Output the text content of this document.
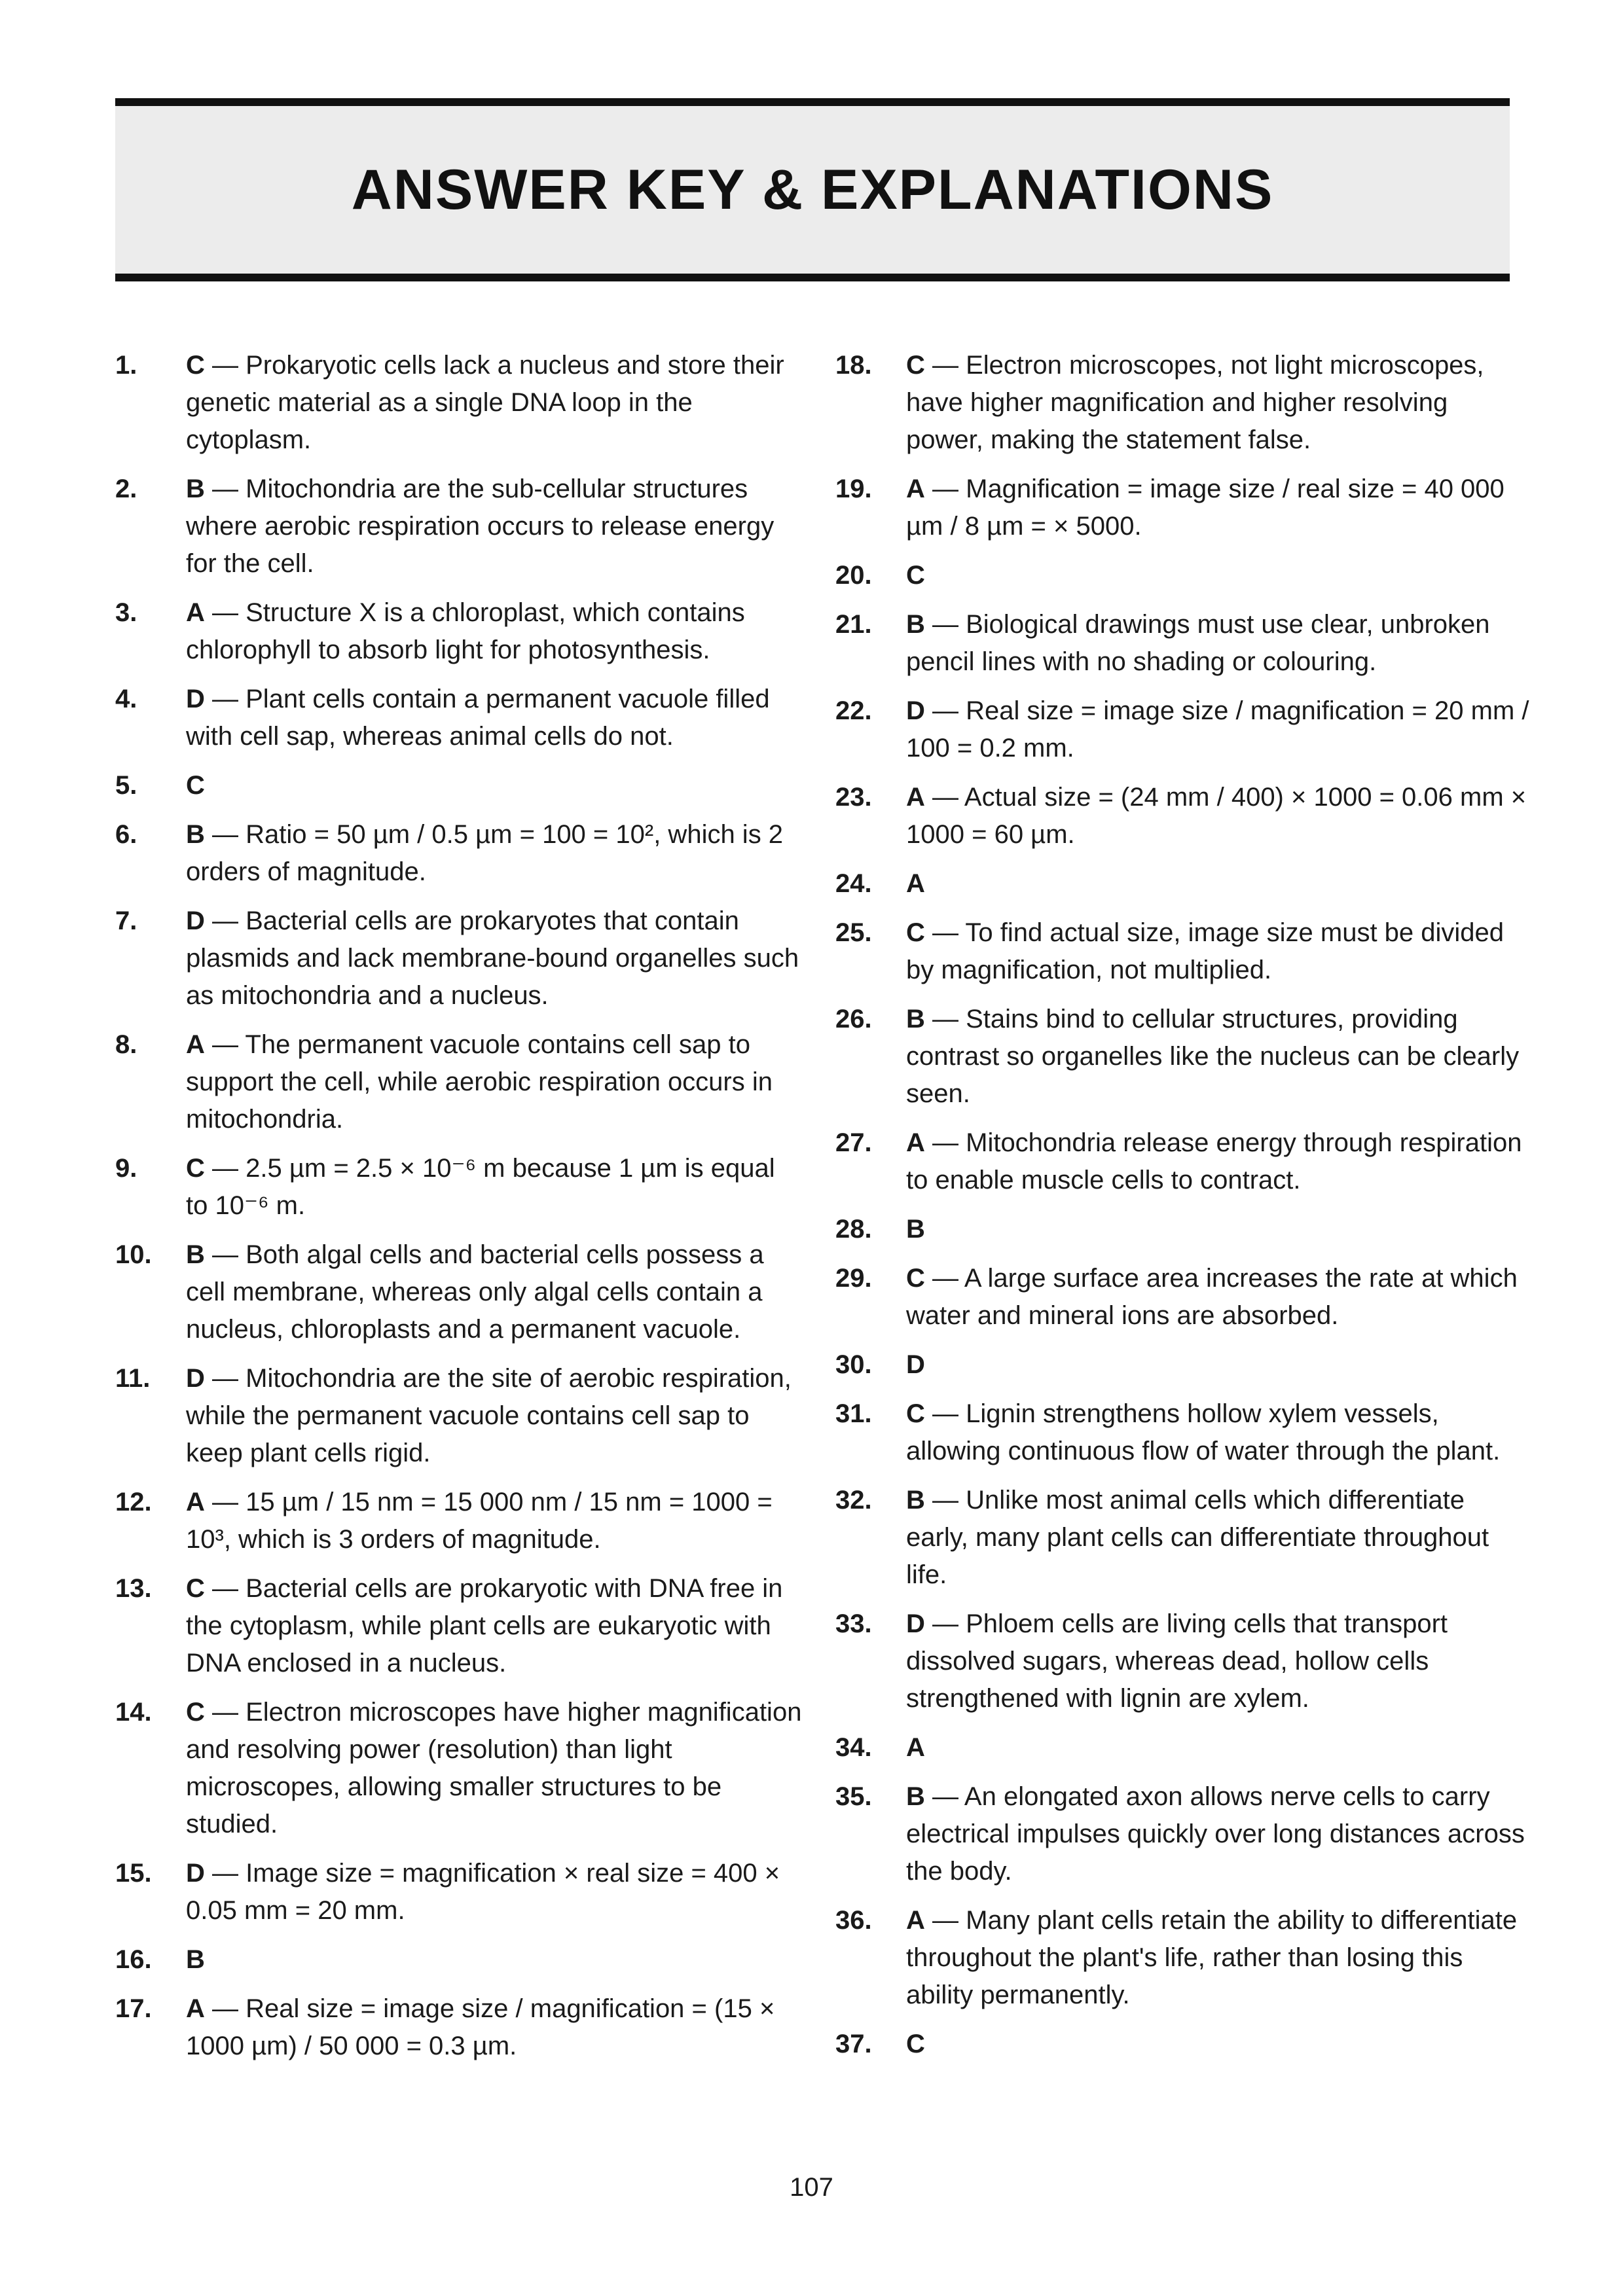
ANSWER KEY & EXPLANATIONS
1.	C — Prokaryotic cells lack a nucleus and store their genetic material as a single DNA loop in the cytoplasm.
2.	B — Mitochondria are the sub-cellular structures where aerobic respiration occurs to release energy for the cell.
3.	A — Structure X is a chloroplast, which contains chlorophyll to absorb light for photosynthesis.
4.	D — Plant cells contain a permanent vacuole filled with cell sap, whereas animal cells do not.
5.	C
6.	B — Ratio = 50 µm / 0.5 µm = 100 = 10², which is 2 orders of magnitude.
7.	D — Bacterial cells are prokaryotes that contain plasmids and lack membrane-bound organelles such as mitochondria and a nucleus.
8.	A — The permanent vacuole contains cell sap to support the cell, while aerobic respiration occurs in mitochondria.
9.	C — 2.5 µm = 2.5 × 10⁻⁶ m because 1 µm is equal to 10⁻⁶ m.
10.	B — Both algal cells and bacterial cells possess a cell membrane, whereas only algal cells contain a nucleus, chloroplasts and a permanent vacuole.
11.	D — Mitochondria are the site of aerobic respiration, while the permanent vacuole contains cell sap to keep plant cells rigid.
12.	A — 15 µm / 15 nm = 15 000 nm / 15 nm = 1000 = 10³, which is 3 orders of magnitude.
13.	C — Bacterial cells are prokaryotic with DNA free in the cytoplasm, while plant cells are eukaryotic with DNA enclosed in a nucleus.
14.	C — Electron microscopes have higher magnification and resolving power (resolution) than light microscopes, allowing smaller structures to be studied.
15.	D — Image size = magnification × real size = 400 × 0.05 mm = 20 mm.
16.	B
17.	A — Real size = image size / magnification = (15 × 1000 µm) / 50 000 = 0.3 µm.
18.	C — Electron microscopes, not light microscopes, have higher magnification and higher resolving power, making the statement false.
19.	A — Magnification = image size / real size = 40 000 µm / 8 µm = × 5000.
20.	C
21.	B — Biological drawings must use clear, unbroken pencil lines with no shading or colouring.
22.	D — Real size = image size / magnification = 20 mm / 100 = 0.2 mm.
23.	A — Actual size = (24 mm / 400) × 1000 = 0.06 mm × 1000 = 60 µm.
24.	A
25.	C — To find actual size, image size must be divided by magnification, not multiplied.
26.	B — Stains bind to cellular structures, providing contrast so organelles like the nucleus can be clearly seen.
27.	A — Mitochondria release energy through respiration to enable muscle cells to contract.
28.	B
29.	C — A large surface area increases the rate at which water and mineral ions are absorbed.
30.	D
31.	C — Lignin strengthens hollow xylem vessels, allowing continuous flow of water through the plant.
32.	B — Unlike most animal cells which differentiate early, many plant cells can differentiate throughout life.
33.	D — Phloem cells are living cells that transport dissolved sugars, whereas dead, hollow cells strengthened with lignin are xylem.
34.	A
35.	B — An elongated axon allows nerve cells to carry electrical impulses quickly over long distances across the body.
36.	A — Many plant cells retain the ability to differentiate throughout the plant's life, rather than losing this ability permanently.
37.	C
107
